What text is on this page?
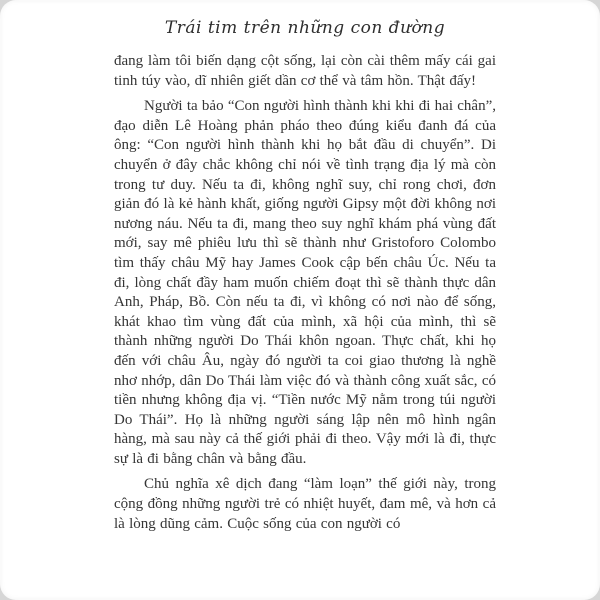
Trái tim trên những con đường

đang làm tôi biến dạng cột sống, lại còn cài thêm mấy cái gai tinh túy vào, dĩ nhiên giết dần cơ thể và tâm hồn. Thật đấy!

Người ta bảo “Con người hình thành khi khi đi hai chân”, đạo diễn Lê Hoàng phản pháo theo đúng kiểu đanh đá của ông: “Con người hình thành khi họ bắt đầu di chuyển”. Di chuyển ở đây chắc không chỉ nói về tình trạng địa lý mà còn trong tư duy. Nếu ta đi, không nghĩ suy, chỉ rong chơi, đơn giản đó là kẻ hành khất, giống người Gipsy một đời không nơi nương náu. Nếu ta đi, mang theo suy nghĩ khám phá vùng đất mới, say mê phiêu lưu thì sẽ thành như Gristoforo Colombo tìm thấy châu Mỹ hay James Cook cập bến châu Úc. Nếu ta đi, lòng chất đầy ham muốn chiếm đoạt thì sẽ thành thực dân Anh, Pháp, Bồ. Còn nếu ta đi, vì không có nơi nào để sống, khát khao tìm vùng đất của mình, xã hội của mình, thì sẽ thành những người Do Thái khôn ngoan. Thực chất, khi họ đến với châu Âu, ngày đó người ta coi giao thương là nghề nhơ nhớp, dân Do Thái làm việc đó và thành công xuất sắc, có tiền nhưng không địa vị. “Tiền nước Mỹ nằm trong túi người Do Thái”. Họ là những người sáng lập nên mô hình ngân hàng, mà sau này cả thế giới phải đi theo. Vậy mới là đi, thực sự là đi bằng chân và bằng đầu.

Chủ nghĩa xê dịch đang “làm loạn” thế giới này, trong cộng đồng những người trẻ có nhiệt huyết, đam mê, và hơn cả là lòng dũng cảm. Cuộc sống của con người có
